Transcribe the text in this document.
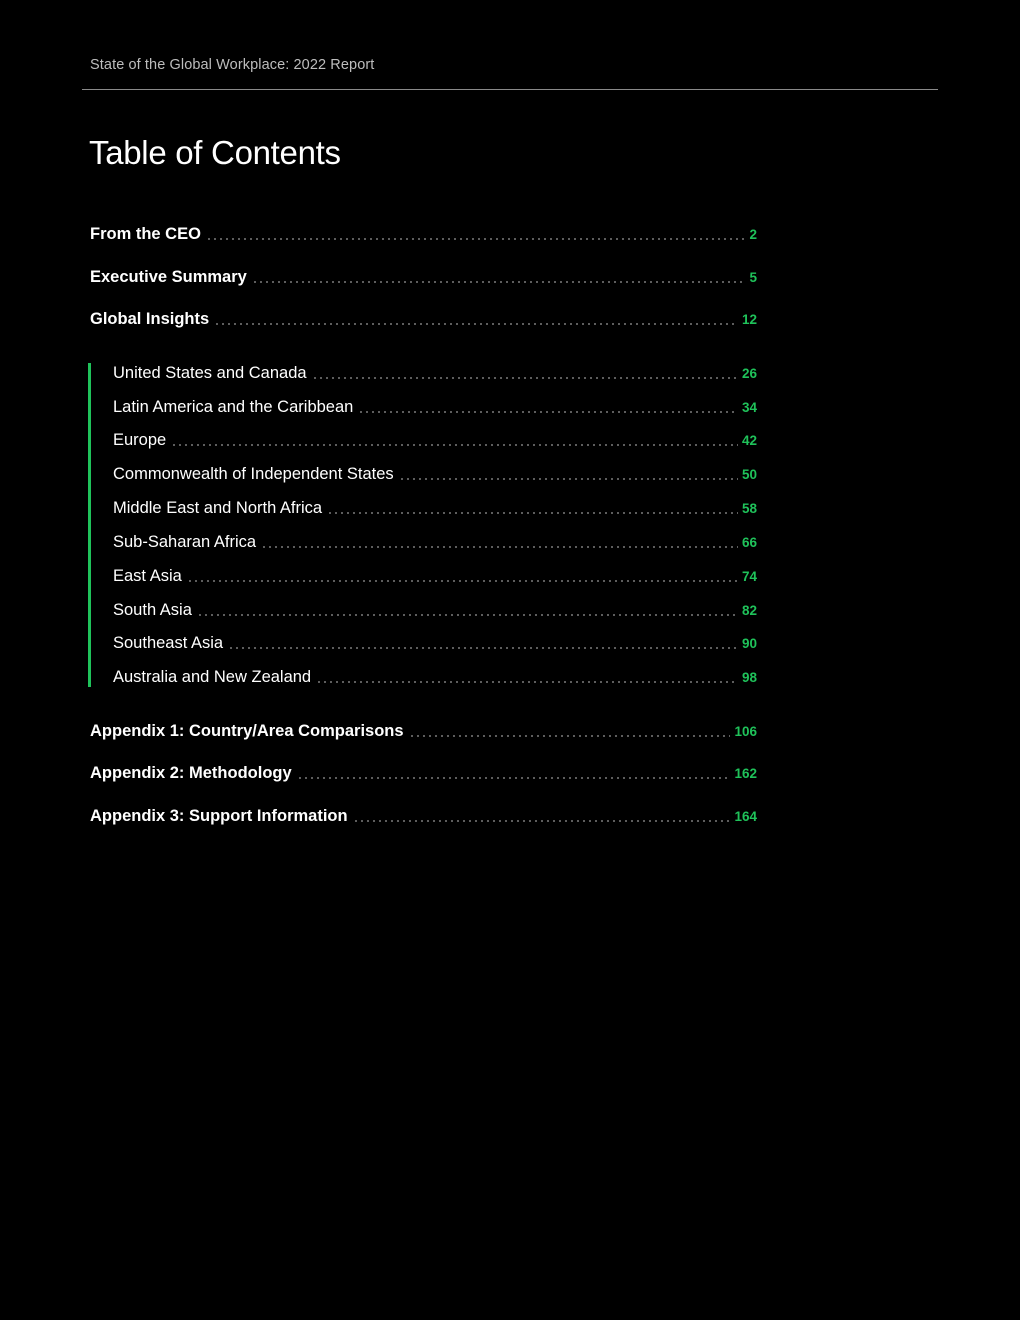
State of the Global Workplace: 2022 Report
Table of Contents
From the CEO	2
Executive Summary	5
Global Insights	12
United States and Canada	26
Latin America and the Caribbean	34
Europe	42
Commonwealth of Independent States	50
Middle East and North Africa	58
Sub-Saharan Africa	66
East Asia	74
South Asia	82
Southeast Asia	90
Australia and New Zealand	98
Appendix 1: Country/Area Comparisons	106
Appendix 2: Methodology	162
Appendix 3: Support Information	164
